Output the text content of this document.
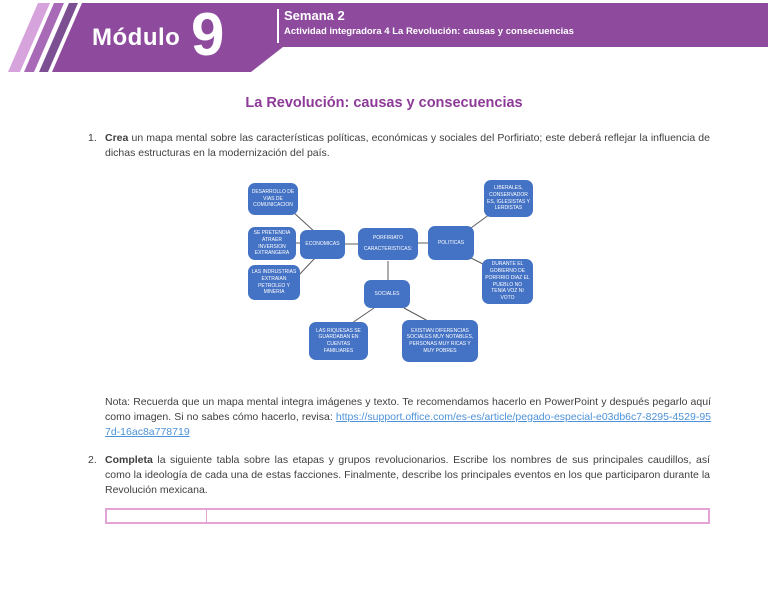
Módulo 9	Semana 2
Actividad integradora 4 La Revolución: causas y consecuencias
La Revolución: causas y consecuencias
1. Crea un mapa mental sobre las características políticas, económicas y sociales del Porfiriato; este deberá reflejar la influencia de dichas estructuras en la modernización del país.

DESARROLLO DE VIAS DE COMUNICACION
LIBERALES, CONSERVADOR ES, IGLESISTAS Y LERDISTAS
SE PRETENDIA ATRAER INVERSION EXTRANGERA
ECONOMICAS
PORFIRIATO CARACTERISTICAS:
POLITICAS
DURANTE EL GOBIERNO DE PORFIRIO DIAZ EL PUEBLO NO TENIA VOZ NI VOTO
LAS INDRUSTRIAS EXTRAIAN PETROLEO Y MINERIA	SOCIALES
LAS RIQUESAS SE GUARDABAN EN CUENTAS FAMILIARES
EXISTIAN DIFERENCIAS SOCIALES MUY NOTABLES, PERSONAS MUY RICAS Y MUY POBRES
Nota: Recuerda que un mapa mental integra imágenes y texto. Te recomendamos hacerlo en PowerPoint y después pegarlo aquí como imagen. Si no sabes cómo hacerlo, revisa: https://support.office.com/es-es/article/pegado-especial-e03db6c7-8295-4529-957d-16ac8a778719
2. Completa la siguiente tabla sobre las etapas y grupos revolucionarios. Escribe los nombres de sus principales caudillos, así como la ideología de cada una de estas facciones. Finalmente, describe los principales eventos en los que participaron durante la Revolución mexicana.
